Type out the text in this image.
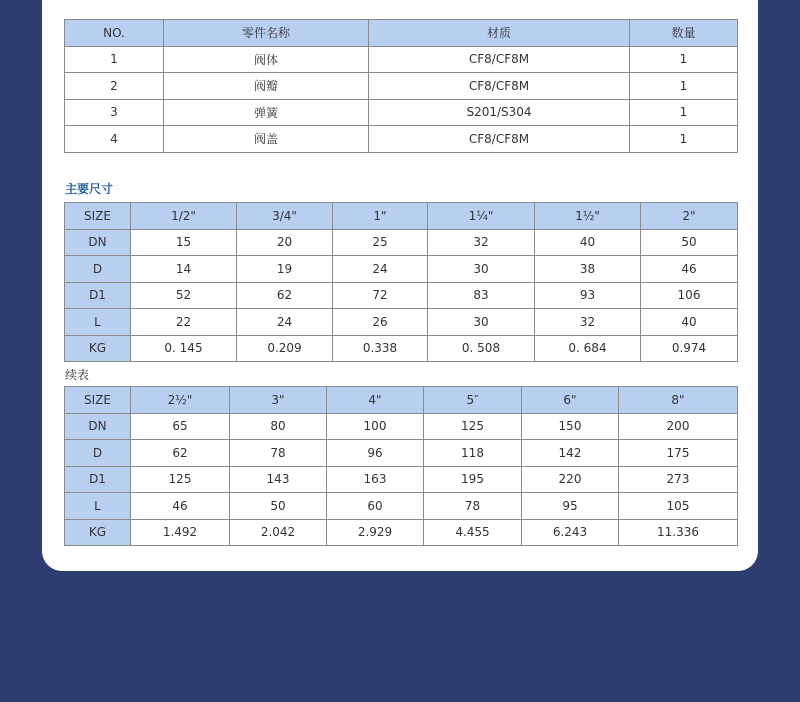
NO.	零件名称	材质	数量
1	阀体	CF8/CF8M	1
2	阀瓣	CF8/CF8M	1
3	弹簧	S201/S304	1
4	阀盖	CF8/CF8M	1
主要尺寸
SIZE	1/2"	3/4"	1"	1¼"	1½"	2"
DN	15	20	25	32	40	50
D	14	19	24	30	38	46
D1	52	62	72	83	93	106
L	22	24	26	30	32	40
KG	0. 145	0.209	0.338	0. 508	0. 684	0.974
续表
SIZE	2½"	3"	4"	5″	6"	8"
DN	65	80	100	125	150	200
D	62	78	96	118	142	175
D1	125	143	163	195	220	273
L	46	50	60	78	95	105
KG	1.492	2.042	2.929	4.455	6.243	11.336
